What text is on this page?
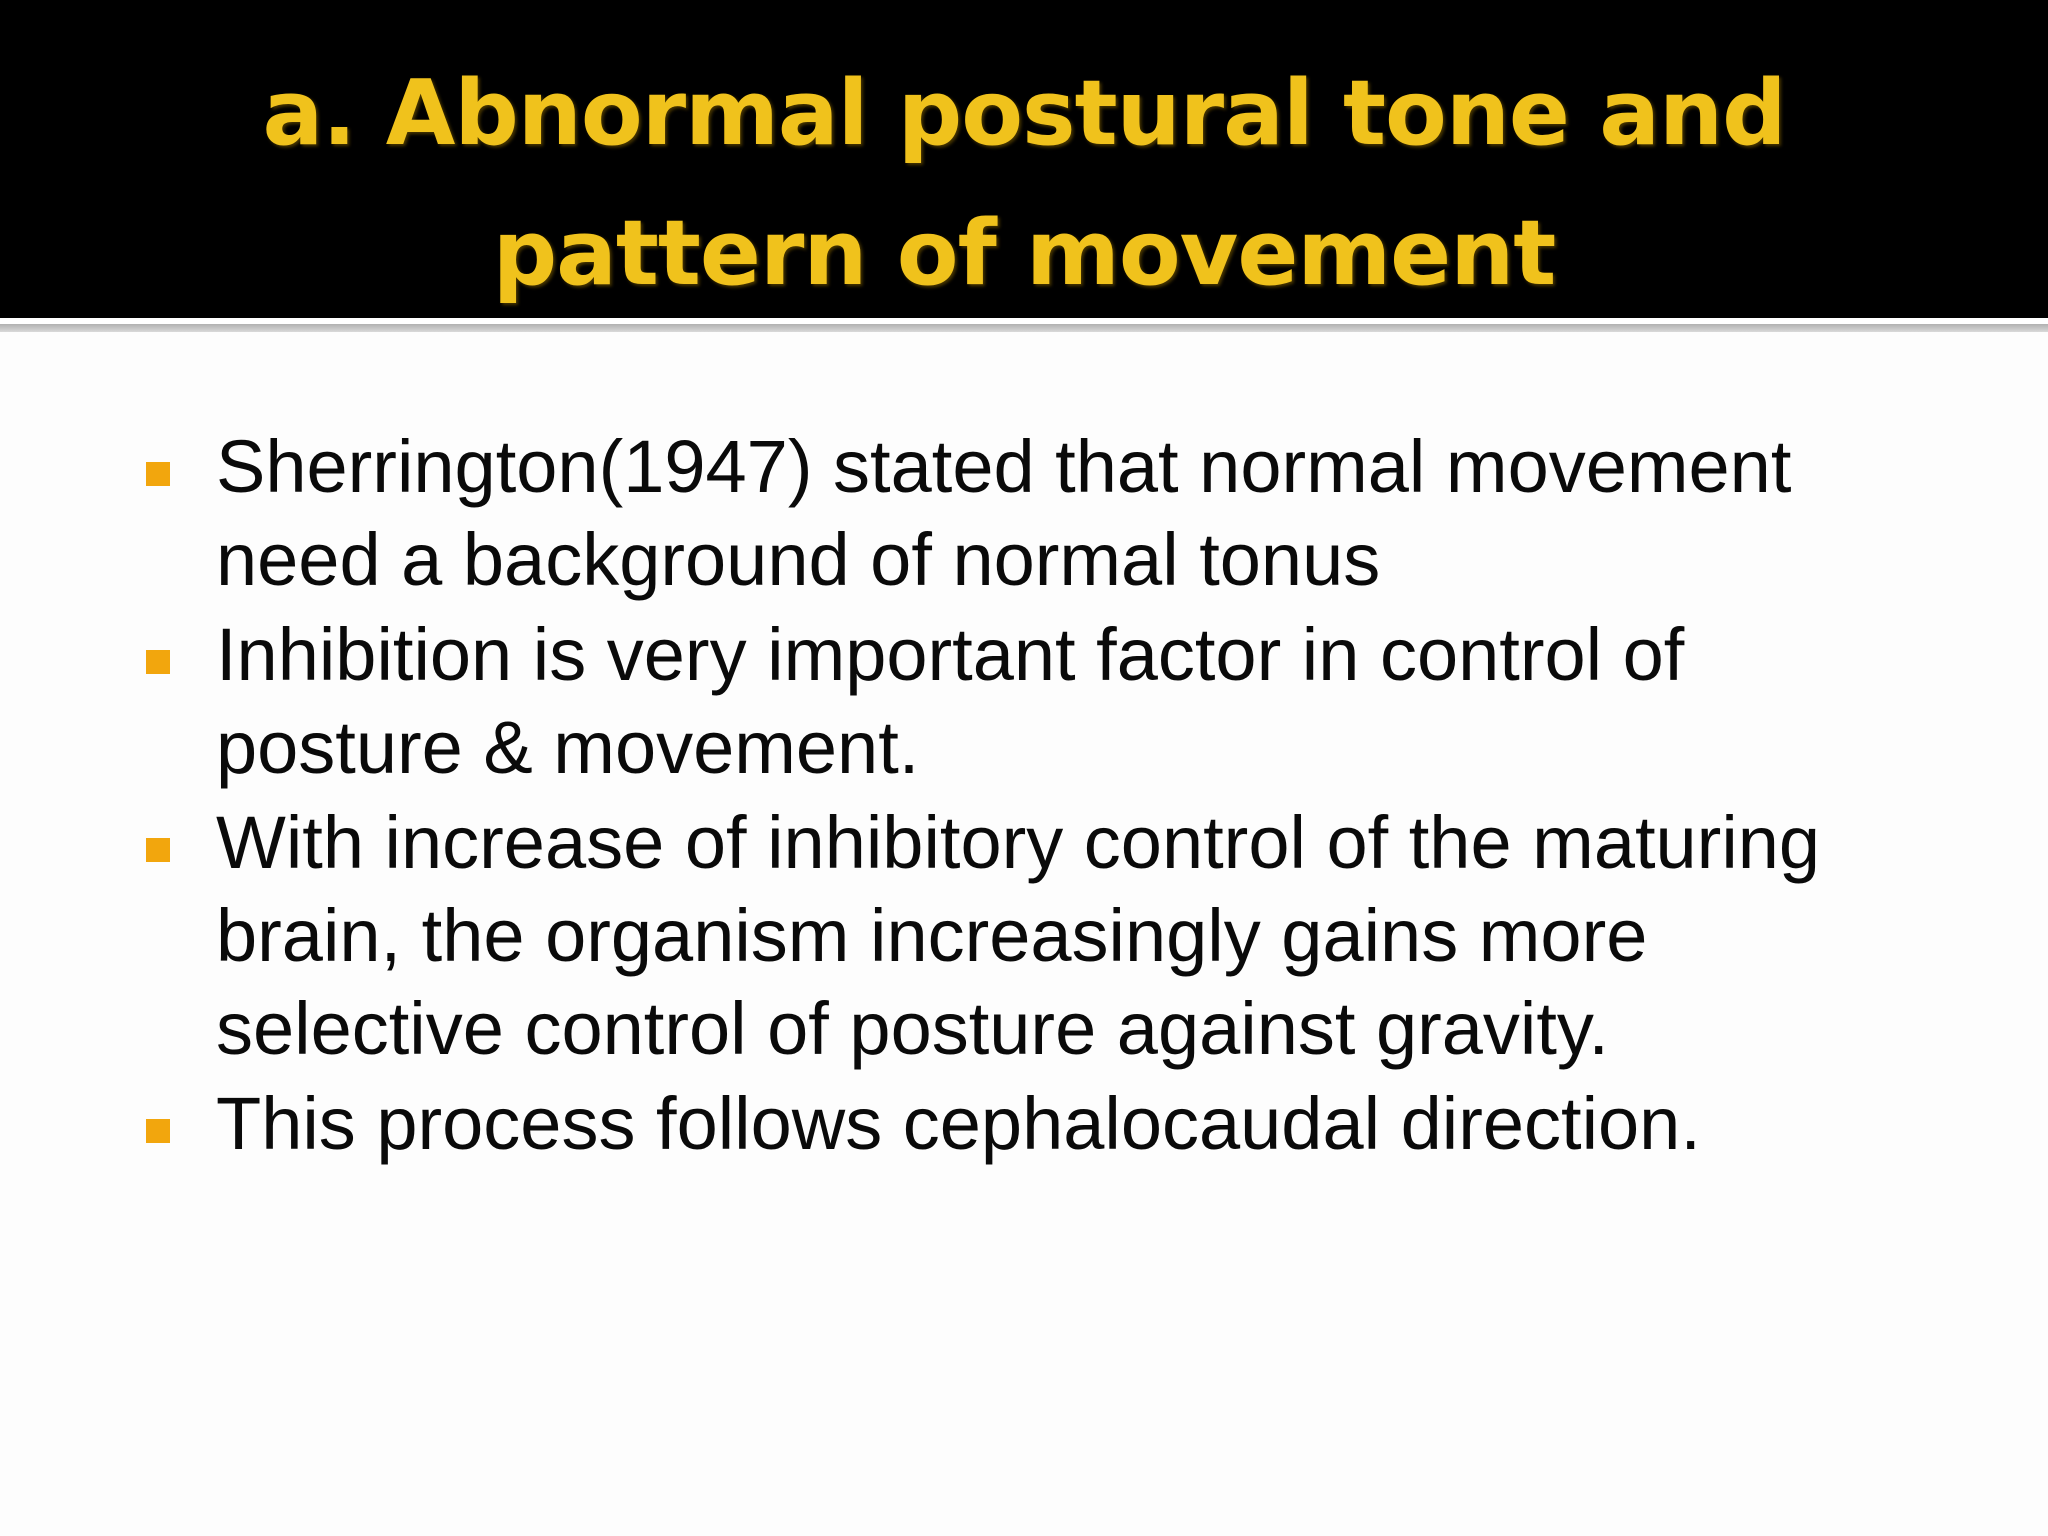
a. Abnormal postural tone and
pattern of movement
Sherrington(1947) stated that normal movement need a background of normal tonus
Inhibition is very important factor in control of posture & movement.
With increase of inhibitory control of the maturing brain, the organism increasingly gains more selective control of posture against gravity.
This process follows cephalocaudal direction.
